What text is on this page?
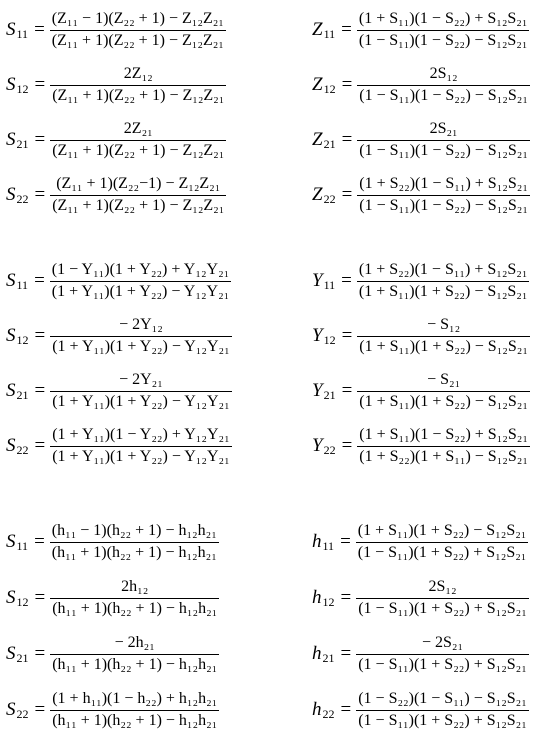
S $11 = \frac{\text{(Z₁₁ − 1)(Z₂₂ + 1) − Z₁₂Z₂₁}}{\text{(Z₁₁ + 1)(Z₂₂ + 1) − Z₁₂Z₂₁}}$
S $12 = \frac{\text{2Z₁₂}}{\text{(Z₁₁ + 1)(Z₂₂ + 1) − Z₁₂Z₂₁}}$
S $21 = \frac{\text{2Z₂₁}}{\text{(Z₁₁ + 1)(Z₂₂ + 1) − Z₁₂Z₂₁}}$
S $22 = \frac{\text{(Z₁₁ + 1)(Z₂₂−1) − Z₁₂Z₂₁}}{\text{(Z₁₁ + 1)(Z₂₂ + 1) − Z₁₂Z₂₁}}$
Z $11 = \frac{\text{(1 + S₁₁)(1 − S₂₂) + S₁₂S₂₁}}{\text{(1 − S₁₁)(1 − S₂₂) − S₁₂S₂₁}}$
Z $12 = \frac{\text{2S₁₂}}{\text{(1 − S₁₁)(1 − S₂₂) − S₁₂S₂₁}}$
Z $21 = \frac{\text{2S₂₁}}{\text{(1 − S₁₁)(1 − S₂₂) − S₁₂S₂₁}}$
Z $22 = \frac{\text{(1 + S₂₂)(1 − S₁₁) + S₁₂S₂₁}}{\text{(1 − S₁₁)(1 − S₂₂) − S₁₂S₂₁}}$
S $11 = \frac{\text{(1 − Y₁₁)(1 + Y₂₂) + Y₁₂Y₂₁}}{\text{(1 + Y₁₁)(1 + Y₂₂) − Y₁₂Y₂₁}}$
S $12 = \frac{\text{− 2Y₁₂}}{\text{(1 + Y₁₁)(1 + Y₂₂) − Y₁₂Y₂₁}}$
S $21 = \frac{\text{− 2Y₂₁}}{\text{(1 + Y₁₁)(1 + Y₂₂) − Y₁₂Y₂₁}}$
S $22 = \frac{\text{(1 + Y₁₁)(1 − Y₂₂) + Y₁₂Y₂₁}}{\text{(1 + Y₁₁)(1 + Y₂₂) − Y₁₂Y₂₁}}$
Y $11 = \frac{\text{(1 + S₂₂)(1 − S₁₁) + S₁₂S₂₁}}{\text{(1 + S₁₁)(1 + S₂₂) − S₁₂S₂₁}}$
Y $12 = \frac{\text{− S₁₂}}{\text{(1 + S₁₁)(1 + S₂₂) − S₁₂S₂₁}}$
Y $21 = \frac{\text{− S₂₁}}{\text{(1 + S₁₁)(1 + S₂₂) − S₁₂S₂₁}}$
Y $22 = \frac{\text{(1 + S₁₁)(1 − S₂₂) + S₁₂S₂₁}}{\text{(1 + S₂₂)(1 + S₁₁) − S₁₂S₂₁}}$
S $11 = \frac{\text{(h₁₁ − 1)(h₂₂ + 1) − h₁₂h₂₁}}{\text{(h₁₁ + 1)(h₂₂ + 1) − h₁₂h₂₁}}$
S $12 = \frac{\text{2h₁₂}}{\text{(h₁₁ + 1)(h₂₂ + 1) − h₁₂h₂₁}}$
S $21 = \frac{\text{− 2h₂₁}}{\text{(h₁₁ + 1)(h₂₂ + 1) − h₁₂h₂₁}}$
S $22 = \frac{\text{(1 + h₁₁)(1 − h₂₂) + h₁₂h₂₁}}{\text{(h₁₁ + 1)(h₂₂ + 1) − h₁₂h₂₁}}$
h $11 = \frac{\text{(1 + S₁₁)(1 + S₂₂) − S₁₂S₂₁}}{\text{(1 − S₁₁)(1 + S₂₂) + S₁₂S₂₁}}$
h $12 = \frac{\text{2S₁₂}}{\text{(1 − S₁₁)(1 + S₂₂) + S₁₂S₂₁}}$
h $21 = \frac{\text{− 2S₂₁}}{\text{(1 − S₁₁)(1 + S₂₂) + S₁₂S₂₁}}$
h $22 = \frac{\text{(1 − S₂₂)(1 − S₁₁) − S₁₂S₂₁}}{\text{(1 − S₁₁)(1 + S₂₂) + S₁₂S₂₁}}$
